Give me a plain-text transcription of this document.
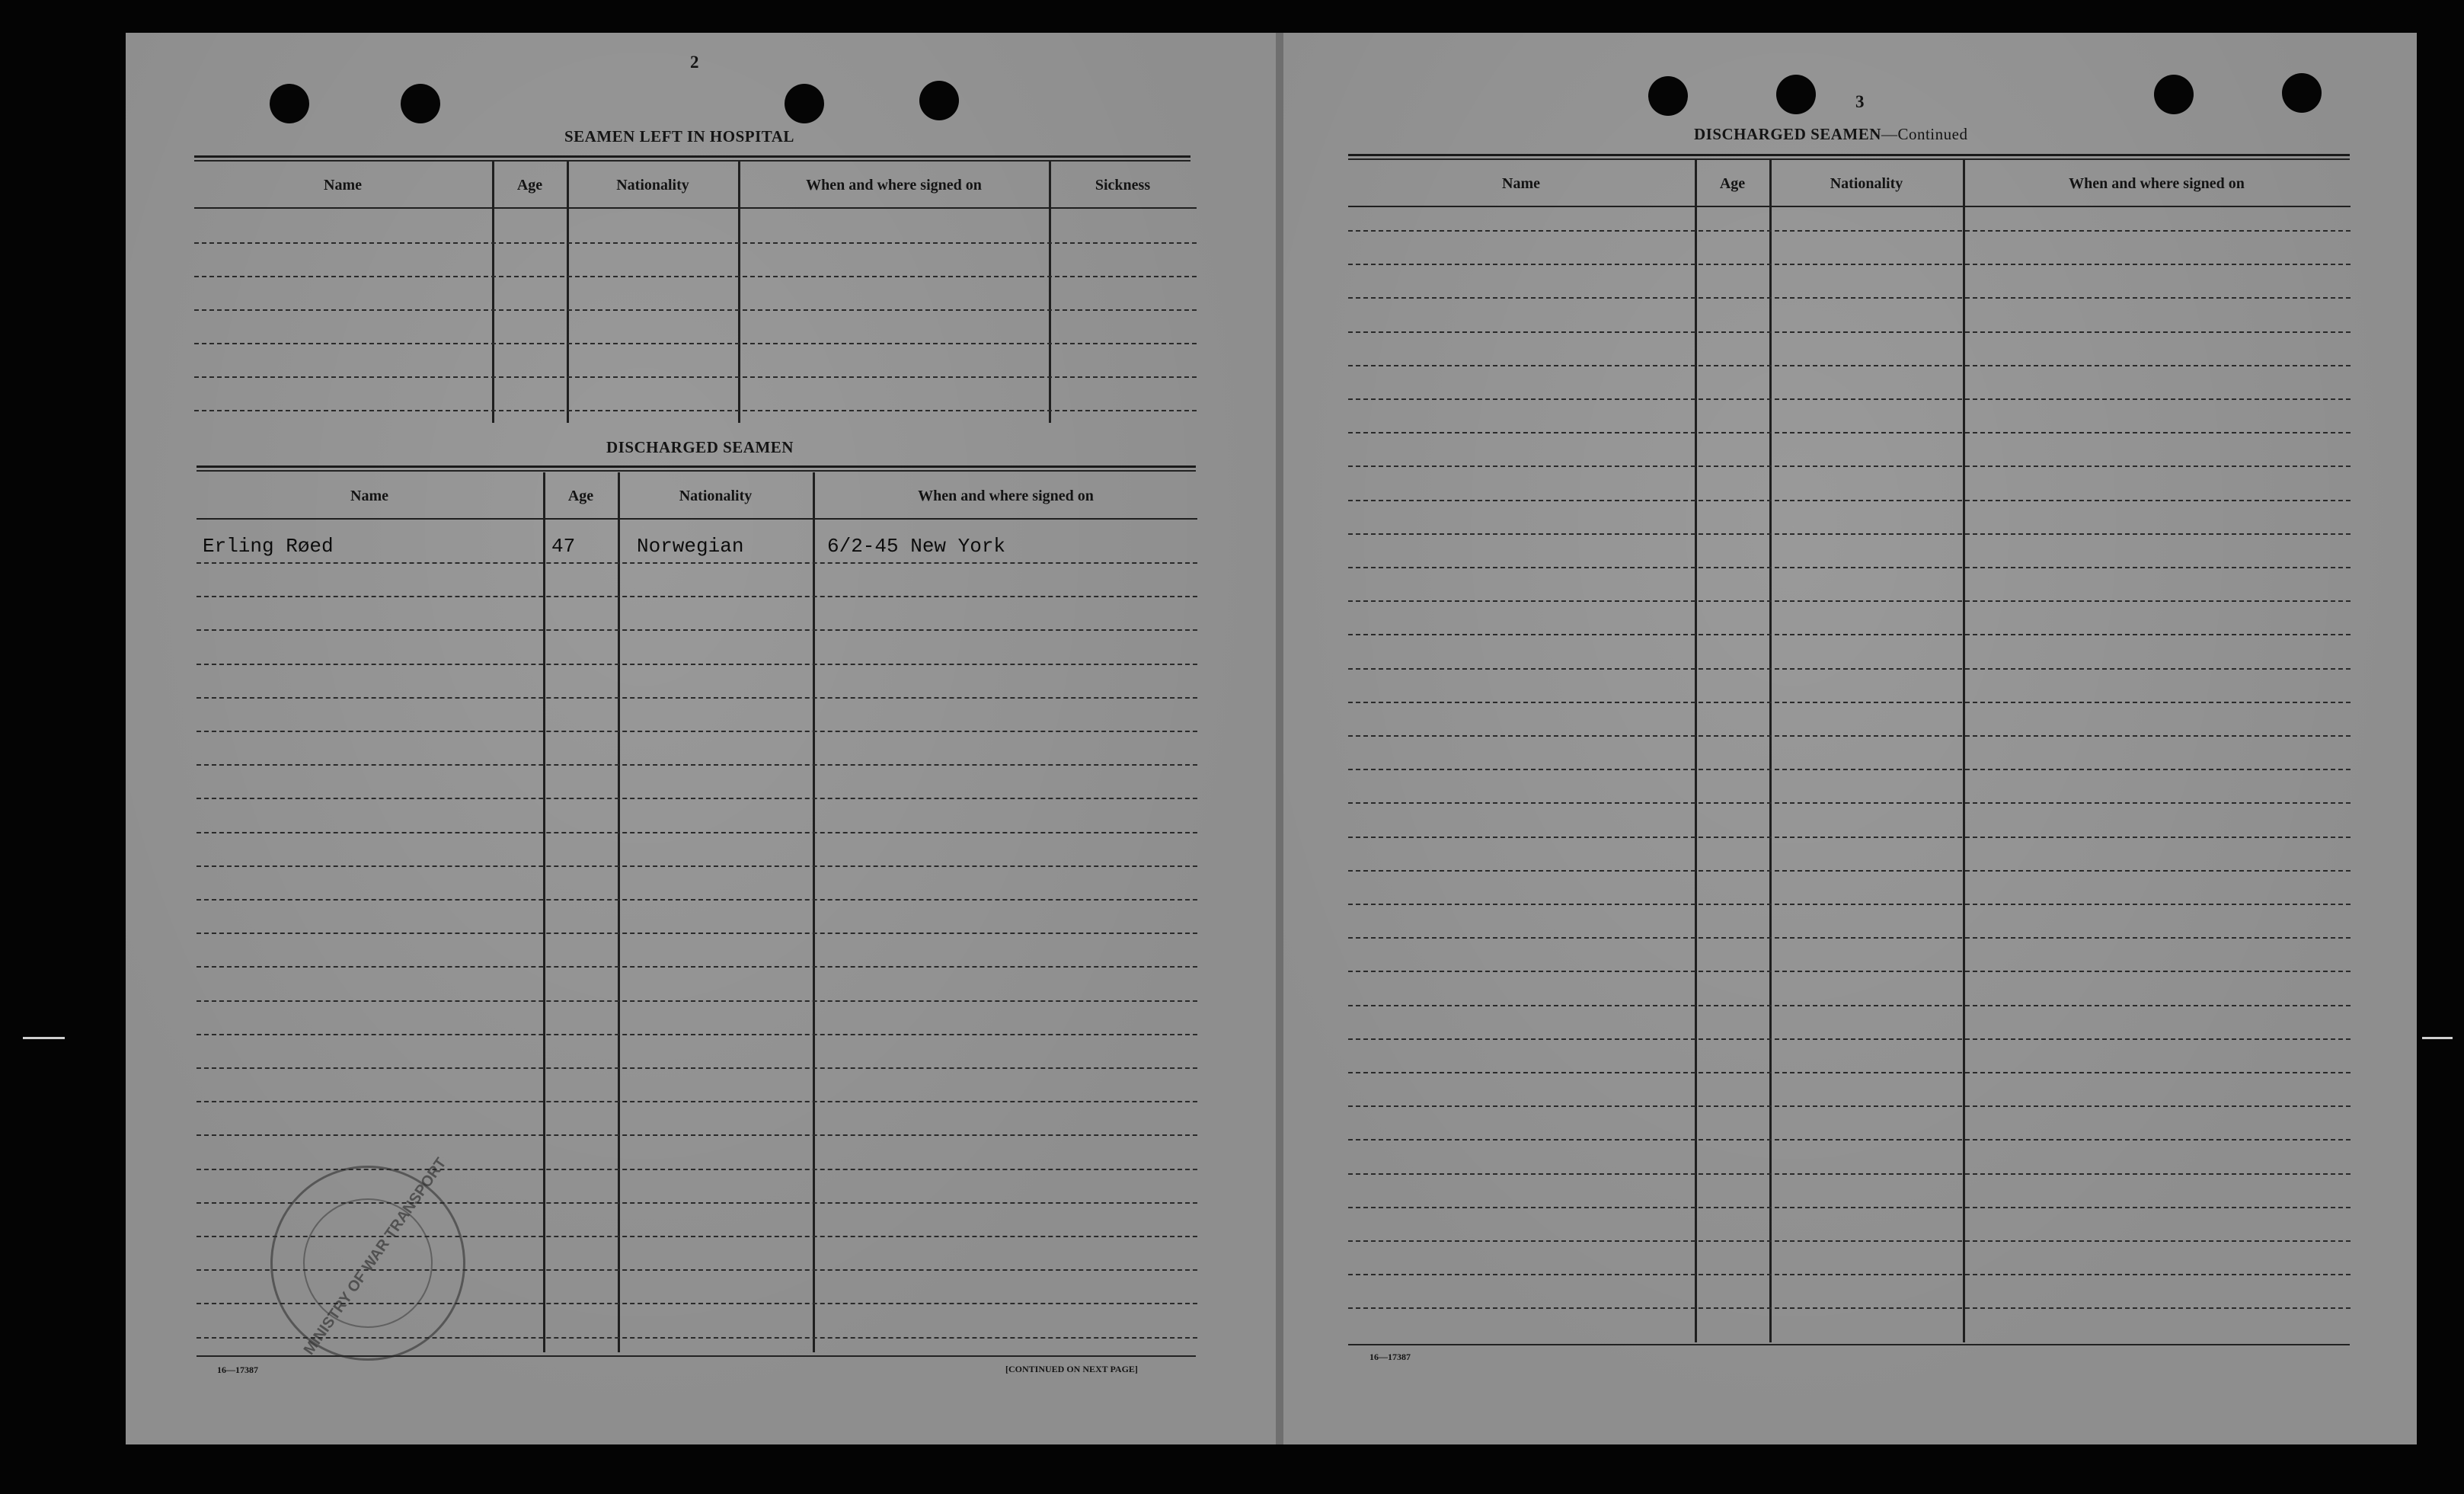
2
SEAMEN LEFT IN HOSPITAL
Name	Age	Nationality	When and where signed on	Sickness
DISCHARGED SEAMEN
Name	Age	Nationality	When and where signed on
Erling Røed	47	Norwegian	6/2-45 New York
MINISTRY OF WAR TRANSPORT
16—17387	[CONTINUED ON NEXT PAGE]
3
DISCHARGED SEAMEN—Continued
Name	Age	Nationality	When and where signed on
16—17387
